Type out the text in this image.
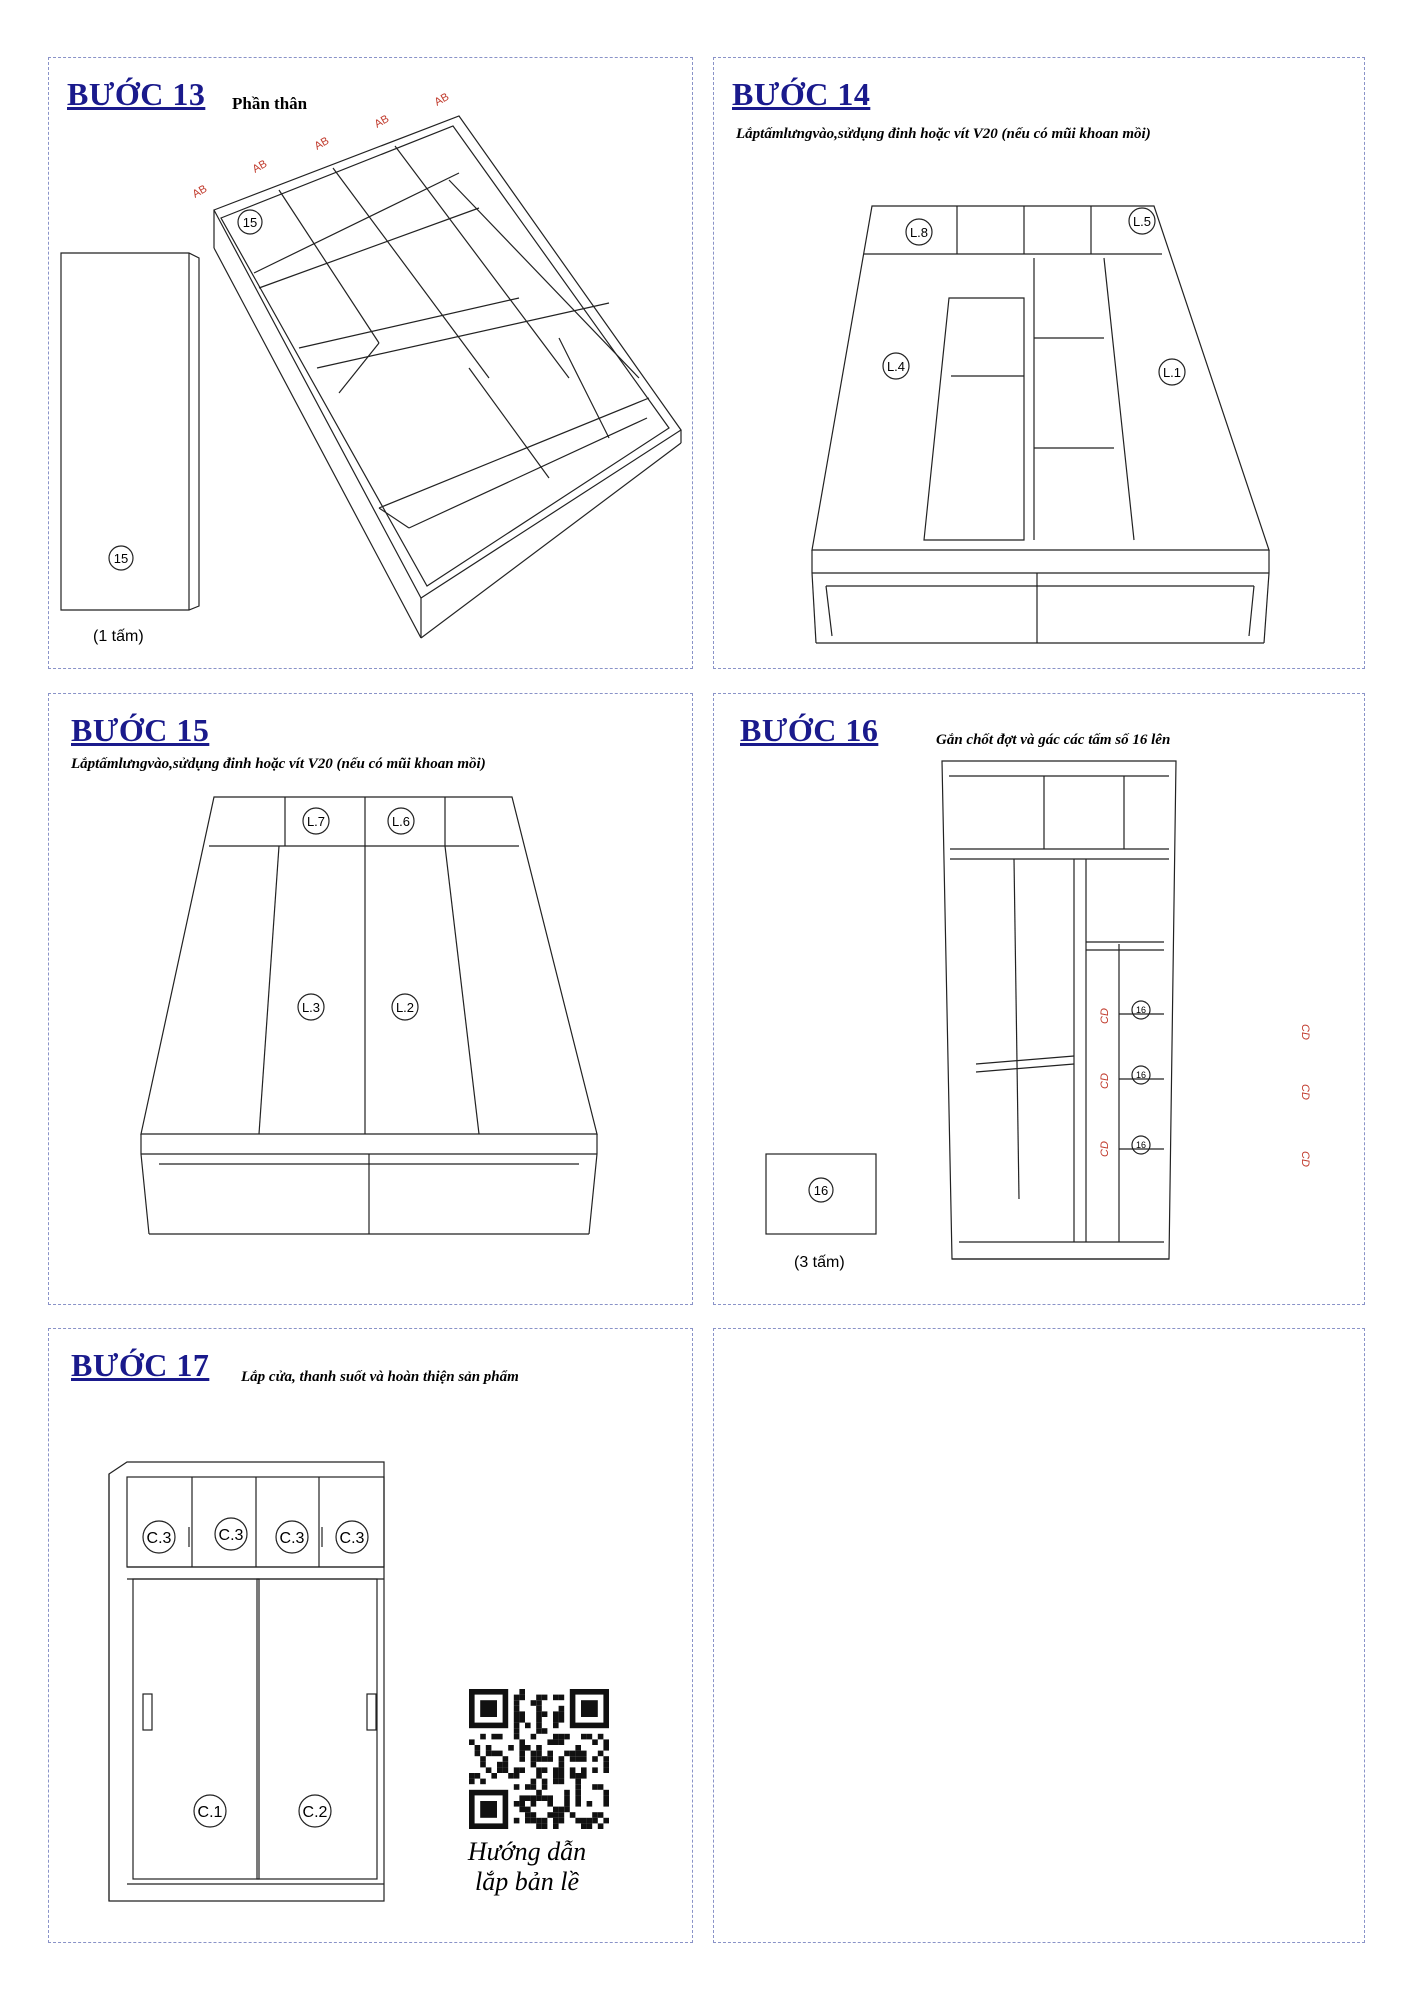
BƯỚC 13 Phần thân
(1 tấm)
15
15
AB
AB
AB
AB
AB	BƯỚC 14
Lắptấmlưngvào,sửdụng đinh hoặc vít V20 (nếu có mũi khoan mồi)
L.8
L.5
L.4	L.1
BƯỚC 15
Lắptấmlưngvào,sửdụng đinh hoặc vít V20 (nếu có mũi khoan mồi)
L.7	L.6
L.3	L.2
BƯỚC 16	Gắn chốt đợt và gác các tấm số 16 lên
(3 tấm)
16
16
16
16
CD
CD
CD
CD
CD
CD
BƯỚC 17 Lắp cửa, thanh suốt và hoàn thiện sản phẩm
C.3	C.3 C.3 C.3
C.1	C.2
Hướng dẫn
lắp bản lề
